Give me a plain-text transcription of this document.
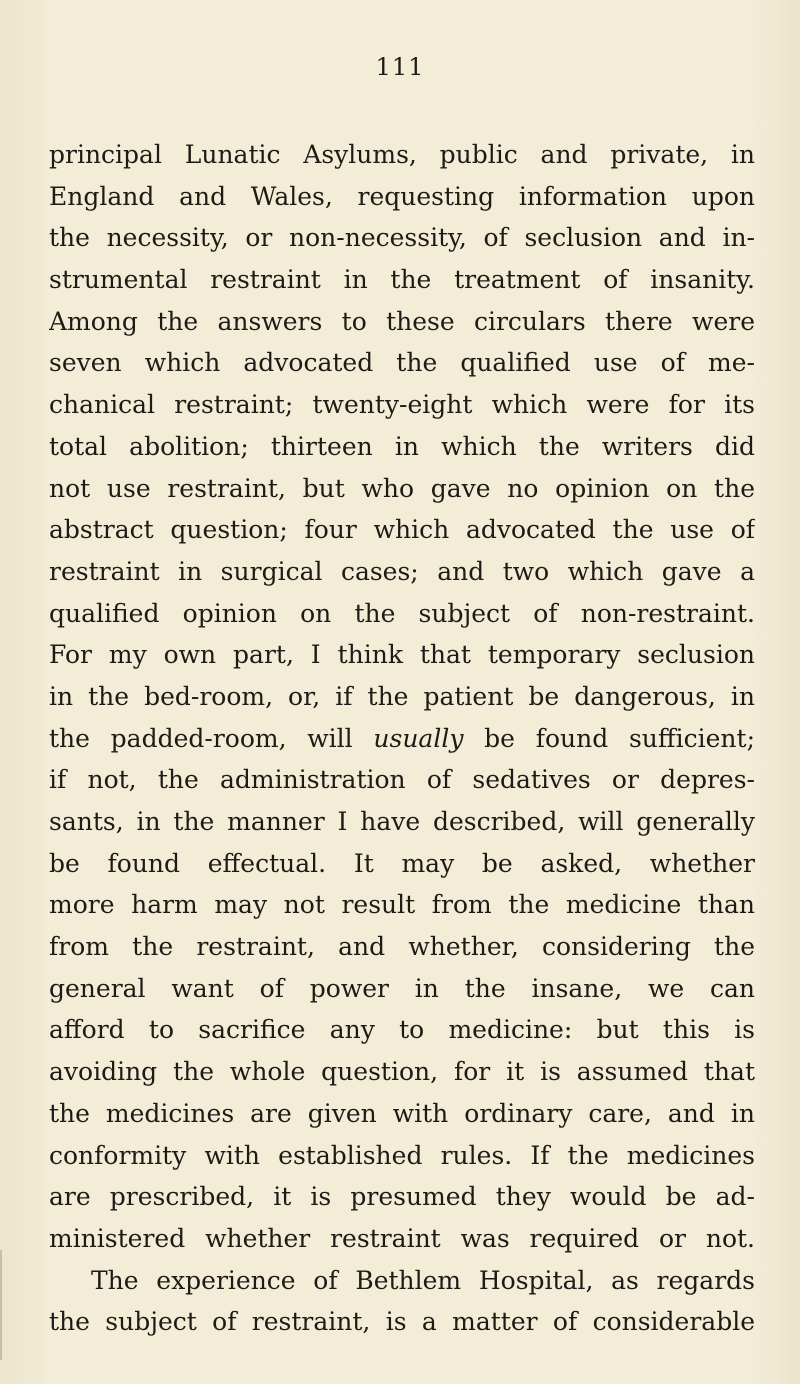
111
principal Lunatic Asylums, public and private, in
England and Wales, requesting information upon
the necessity, or non-necessity, of seclusion and in-
strumental restraint in the treatment of insanity.
Among the answers to these circulars there were
seven which advocated the qualified use of me-
chanical restraint; twenty-eight which were for its
total abolition; thirteen in which the writers did
not use restraint, but who gave no opinion on the
abstract question; four which advocated the use of
restraint in surgical cases; and two which gave a
qualified opinion on the subject of non-restraint.
For my own part, I think that temporary seclusion
in the bed-room, or, if the patient be dangerous, in
the padded-room, will usually be found sufficient;
if not, the administration of sedatives or depres-
sants, in the manner I have described, will generally
be found effectual. It may be asked, whether
more harm may not result from the medicine than
from the restraint, and whether, considering the
general want of power in the insane, we can
afford to sacrifice any to medicine: but this is
avoiding the whole question, for it is assumed that
the medicines are given with ordinary care, and in
conformity with established rules. If the medicines
are prescribed, it is presumed they would be ad-
ministered whether restraint was required or not.
The experience of Bethlem Hospital, as regards
the subject of restraint, is a matter of considerable
